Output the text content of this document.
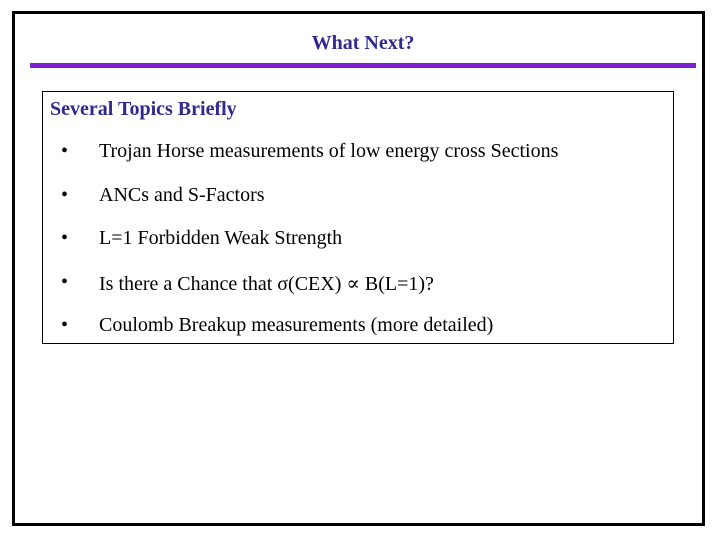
What Next?
Several Topics Briefly
• Trojan Horse measurements of low energy cross Sections
• ANCs and S-Factors
• L=1 Forbidden Weak Strength
• Is there a Chance that σ(CEX) ∝ B(L=1)?
• Coulomb Breakup measurements (more detailed)
